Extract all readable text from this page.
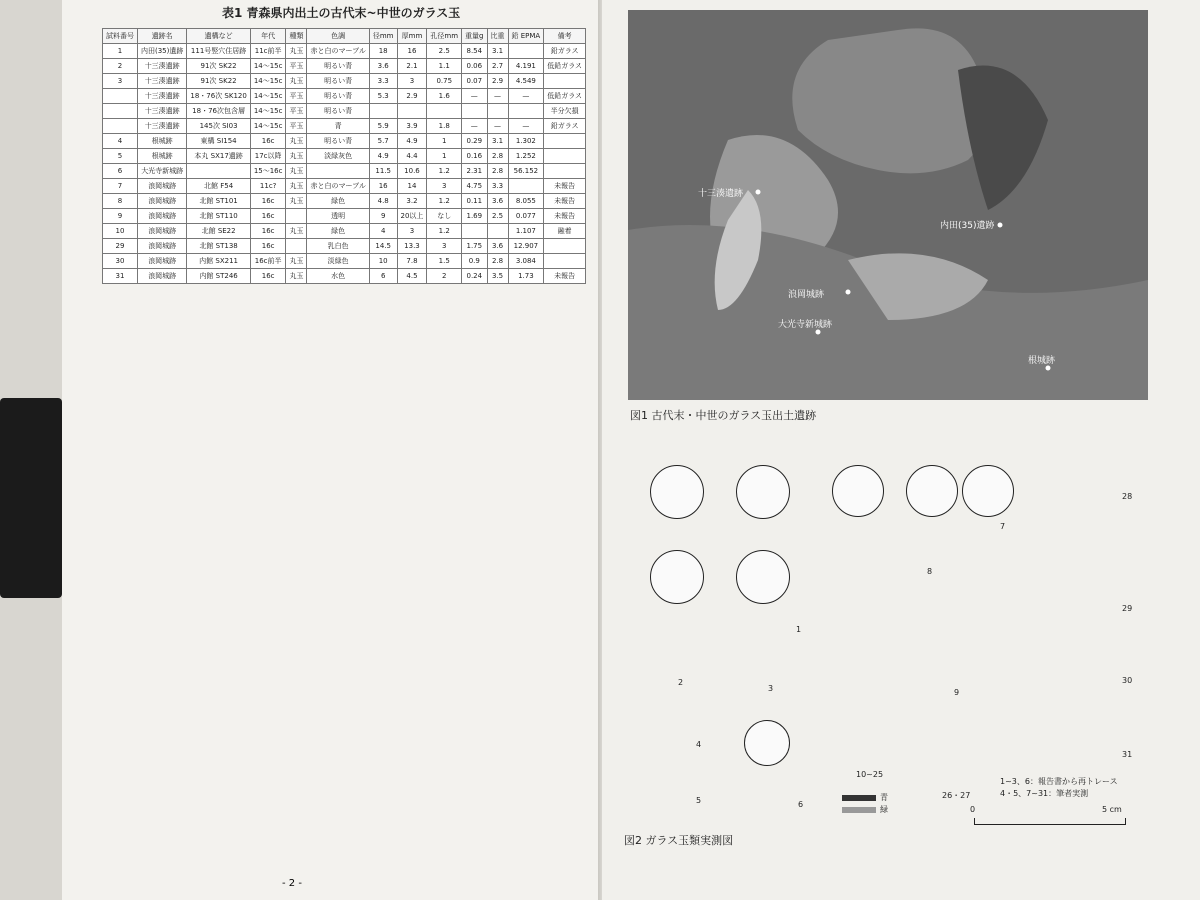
表1 青森県内出土の古代末~中世のガラス玉
試料番号	遺跡名	遺構など	年代	種類	色調	径mm	厚mm	孔径mm	重量g	比重	鉛 EPMA	備考
1	内田(35)遺跡	111号竪穴住居跡	11c前半	丸玉	赤と白のマーブル	18	16	2.5	8.54	3.1		鉛ガラス
2	十三湊遺跡	91次 SK22	14〜15c	平玉	明るい青	3.6	2.1	1.1	0.06	2.7	4.191	低鉛ガラス
3	十三湊遺跡	91次 SK22	14〜15c	丸玉	明るい青	3.3	3	0.75	0.07	2.9	4.549	
	十三湊遺跡	18・76次 SK120	14〜15c	平玉	明るい青	5.3	2.9	1.6	—	—	—	低鉛ガラス
	十三湊遺跡	18・76次包含層	14〜15c	平玉	明るい青							半分欠損
	十三湊遺跡	145次 SI03	14〜15c	平玉	青	5.9	3.9	1.8	—	—	—	鉛ガラス
4	根城跡	東構 SI154	16c	丸玉	明るい青	5.7	4.9	1	0.29	3.1	1.302	
5	根城跡	本丸 SX17遺跡	17c以降	丸玉	淡緑灰色	4.9	4.4	1	0.16	2.8	1.252	
6	大光寺新城跡		15〜16c	丸玉		11.5	10.6	1.2	2.31	2.8	56.152	
7	浪岡城跡	北館 F54	11c?	丸玉	赤と白のマーブル	16	14	3	4.75	3.3		未報告
8	浪岡城跡	北館 ST101	16c	丸玉	緑色	4.8	3.2	1.2	0.11	3.6	8.055	未報告
9	浪岡城跡	北館 ST110	16c		透明	9	20以上	なし	1.69	2.5	0.077	未報告
10	浪岡城跡	北館 SE22	16c	丸玉	緑色	4	3	1.2			1.107	融着
29	浪岡城跡	北館 ST138	16c		乳白色	14.5	13.3	3	1.75	3.6	12.907	
30	浪岡城跡	内館 SX211	16c前半	丸玉	淡緑色	10	7.8	1.5	0.9	2.8	3.084	
31	浪岡城跡	内館 ST246	16c	丸玉	水色	6	4.5	2	0.24	3.5	1.73	未報告
- 2 -
十三湊遺跡
内田(35)遺跡
浪岡城跡
大光寺新城跡
根城跡
図1 古代末・中世のガラス玉出土遺跡
1
7
6
2
3
4
5
8
9
10~25
26・27
28
29
30
31
青
緑
1~3、6：報告書から再トレース
4・5、7~31：筆者実測
0	5 cm
図2 ガラス玉類実測図
